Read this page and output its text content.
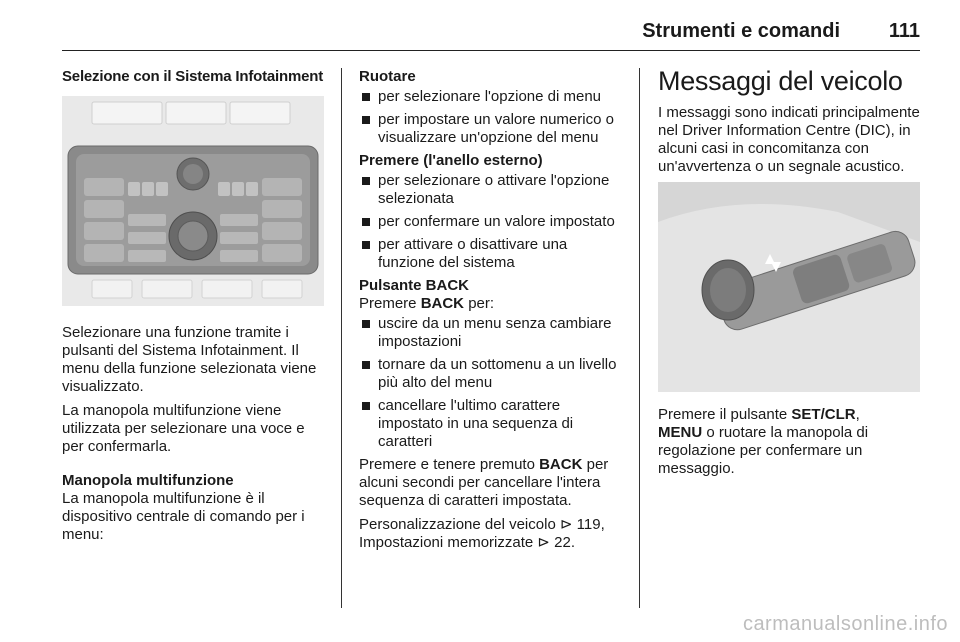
Strumenti e comandi 111
Selezione con il Sistema Infotainment
Selezionare una funzione tramite i pulsanti del Sistema Infotainment. Il menu della funzione selezionata viene visualizzato.
La manopola multifunzione viene utilizzata per selezionare una voce e per confermarla.
Manopola multifunzione
La manopola multifunzione è il dispositivo centrale di comando per i menu:
Ruotare
per selezionare l'opzione di menu
per impostare un valore numerico o visualizzare un'opzione del menu
Premere (l'anello esterno)
per selezionare o attivare l'opzione selezionata
per confermare un valore impostato
per attivare o disattivare una funzione del sistema
Pulsante BACK
Premere BACK per:
uscire da un menu senza cambiare impostazioni
tornare da un sottomenu a un livello più alto del menu
cancellare l'ultimo carattere impostato in una sequenza di caratteri
Premere e tenere premuto BACK per alcuni secondi per cancellare l'intera sequenza di caratteri impostata.
Personalizzazione del veicolo ⊳ 119,
Impostazioni memorizzate ⊳ 22.
Messaggi del veicolo
I messaggi sono indicati principalmente nel Driver Information Centre (DIC), in alcuni casi in concomitanza con un'avvertenza o un segnale acustico.
Premere il pulsante SET/CLR,
MENU o ruotare la manopola di regolazione per confermare un messaggio.
carmanualsonline.info
